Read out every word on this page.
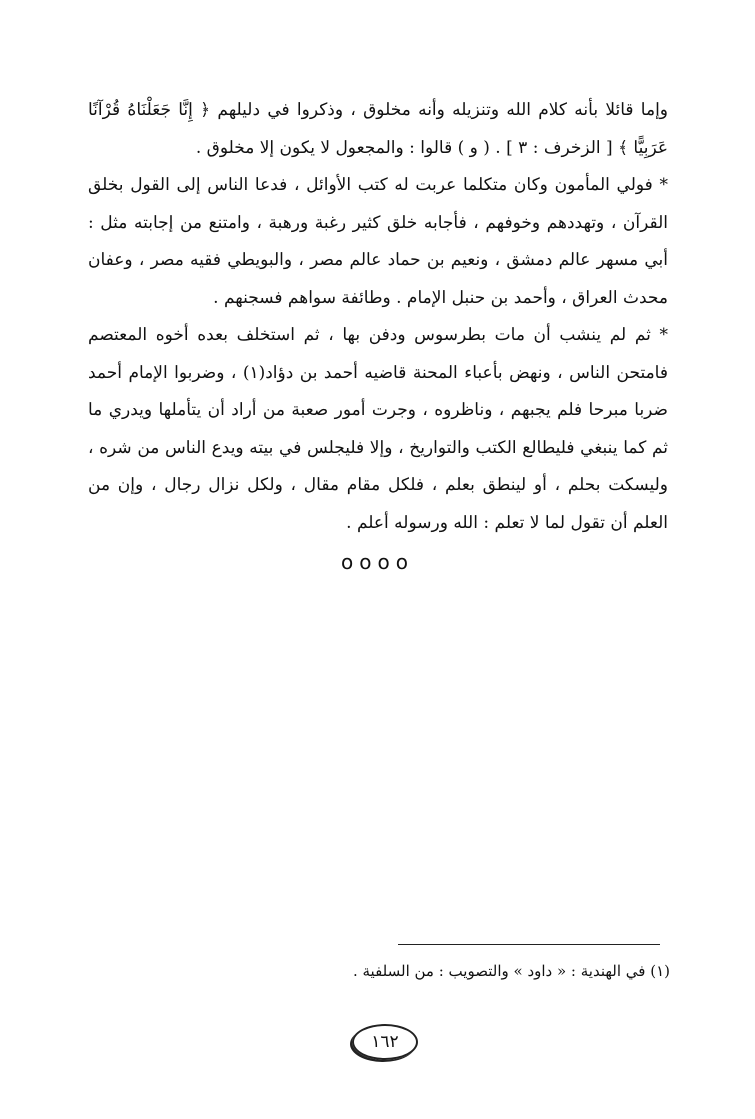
وإما قائلا بأنه كلام الله وتنزيله وأنه مخلوق ، وذكروا في دليلهم ﴿ إِنَّا جَعَلْنَاهُ قُرْآنًا عَرَبِيًّا ﴾ [ الزخرف : ٣ ] . ( و ) قالوا : والمجعول لا يكون إلا مخلوق .

* فولي المأمون وكان متكلما عربت له كتب الأوائل ، فدعا الناس إلى القول بخلق القرآن ، وتهددهم وخوفهم ، فأجابه خلق كثير رغبة ورهبة ، وامتنع من إجابته مثل : أبي مسهر عالم دمشق ، ونعيم بن حماد عالم مصر ، والبويطي فقيه مصر ، وعفان محدث العراق ، وأحمد بن حنبل الإمام . وطائفة سواهم فسجنهم .

* ثم لم ينشب أن مات بطرسوس ودفن بها ، ثم استخلف بعده أخوه المعتصم فامتحن الناس ، ونهض بأعباء المحنة قاضيه أحمد بن دؤاد(١) ، وضربوا الإمام أحمد ضربا مبرحا فلم يجبهم ، وناظروه ، وجرت أمور صعبة من أراد أن يتأملها ويدري ما ثم كما ينبغي فليطالع الكتب والتواريخ ، وإلا فليجلس في بيته ويدع الناس من شره ، وليسكت بحلم ، أو لينطق بعلم ، فلكل مقام مقال ، ولكل نزال رجال ، وإن من العلم أن تقول لما لا تعلم : الله ورسوله أعلم .

oooo
(١) في الهندية : « داود » والتصويب : من السلفية .
١٦٢
